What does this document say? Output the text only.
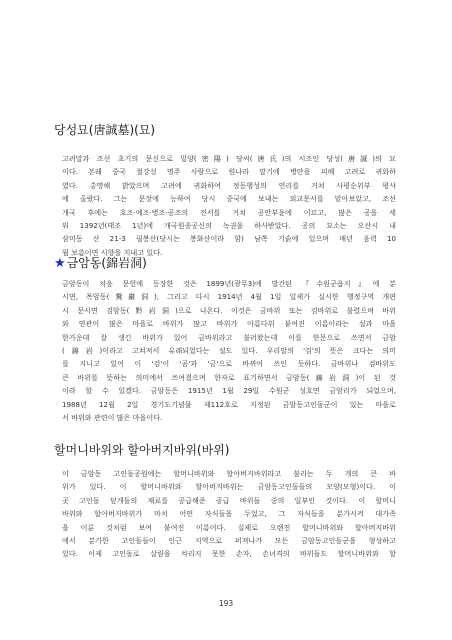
당성묘(唐誠墓)(묘)
고려말과 조선 초기의 문신으로 밀양(密陽) 당씨(唐氏)의 시조인 당성(唐誠)의 묘
이다. 본래 중국 절강성 명주 사람으로 원나라 말기에 병란을 피해 고려로 귀화하
였다. 총명해 밝았으며 고려에 귀화하여 정동행성의 연리를 거쳐 사평순위부 평사
에 올랐다. 그는 문장에 능하여 당시 중국에 보내는 외교문서를 맡아보았고, 조선
개국 후에는 호조·예조·병조·공조의 전서를 거쳐 공안부윤에 이르고, 많은 공을 세
워 1392년(태조 1년)에 개국원종공신의 녹권을 하사받았다. 공의 묘소는 오산시 내
삼미동 산 21-3 필봉산(당시는 봉화산이라 함) 남쪽 기슭에 있으며 매년 음력 10
월 보름이면 시향을 지내고 있다.
★금암동(錦岩洞)
금암동이 처음 문헌에 등장한 것은 1899년(광무3)에 발간된 『수원군읍지』에 분
시면, 목암동(鶩巖洞), 그리고 다시 1914년 4월 1일 일제가 실시한 행정구역 개편
시 문시면 검암동(黔岩洞)으로 나온다. 이것은 금바위 또는 검바위로 불렸으며 바위
와 연관이 많은 마을로 바위가 많고 바위가 아름다워 붙여진 이름이라는 설과 마을
한가운데 잘 생긴 바위가 있어 금바위라고 불러왔는데 이를 한문으로 쓰면서 금암
(錦岩)이라고 고쳐져서 유래되었다는 설도 있다. 우리말의 '검'의 뜻은 크다는 의미
를 지니고 있어 이 '검'이 '곰'과 '금'으로 바뀌어 쓰인 듯하다. 금바위나 검바위도
큰 바위를 뜻하는 의미에서 쓰여졌으며 한자로 표기하면서 금암동(錦岩洞)이 된 것
이라 할 수 있겠다. 금암동은 1915년 1월 29일 수원군 성호면 금암리가 되었으며,
1988년 12월 2일 경기도기념물 제112호로 지정된 금암동고인돌군이 있는 마을로
서 바위와 관련이 많은 마을이다.
할머니바위와 할아버지바위(바위)
이 금암동 고인돌공원에는 할머니바위와 할아버지바위라고 불리는 두 개의 큰 바
위가 있다. 이 할머니바위와 할아버지바위는 금암동고인돌들의 모양(모형)이다. 이
곳 고인돌 덮개돌의 재료를 공급해준 공급 바위들 중의 일부인 것이다. 이 할머니
바위와 할아버지바위가 마치 어떤 자식들을 두었고, 그 자식들을 분가시켜 대가족
을 이룬 것처럼 보여 붙여진 이름이다. 실제로 오랜진 할머니바위와 할아버지바위
에서 분가한 고인돌들이 인근 지역으로 퍼져나가 모든 금암동고인돌군을 형성하고
있다. 이제 고인돌로 살림을 차리지 못한 손자, 손녀격의 바위들도 할머니바위와 할
193
